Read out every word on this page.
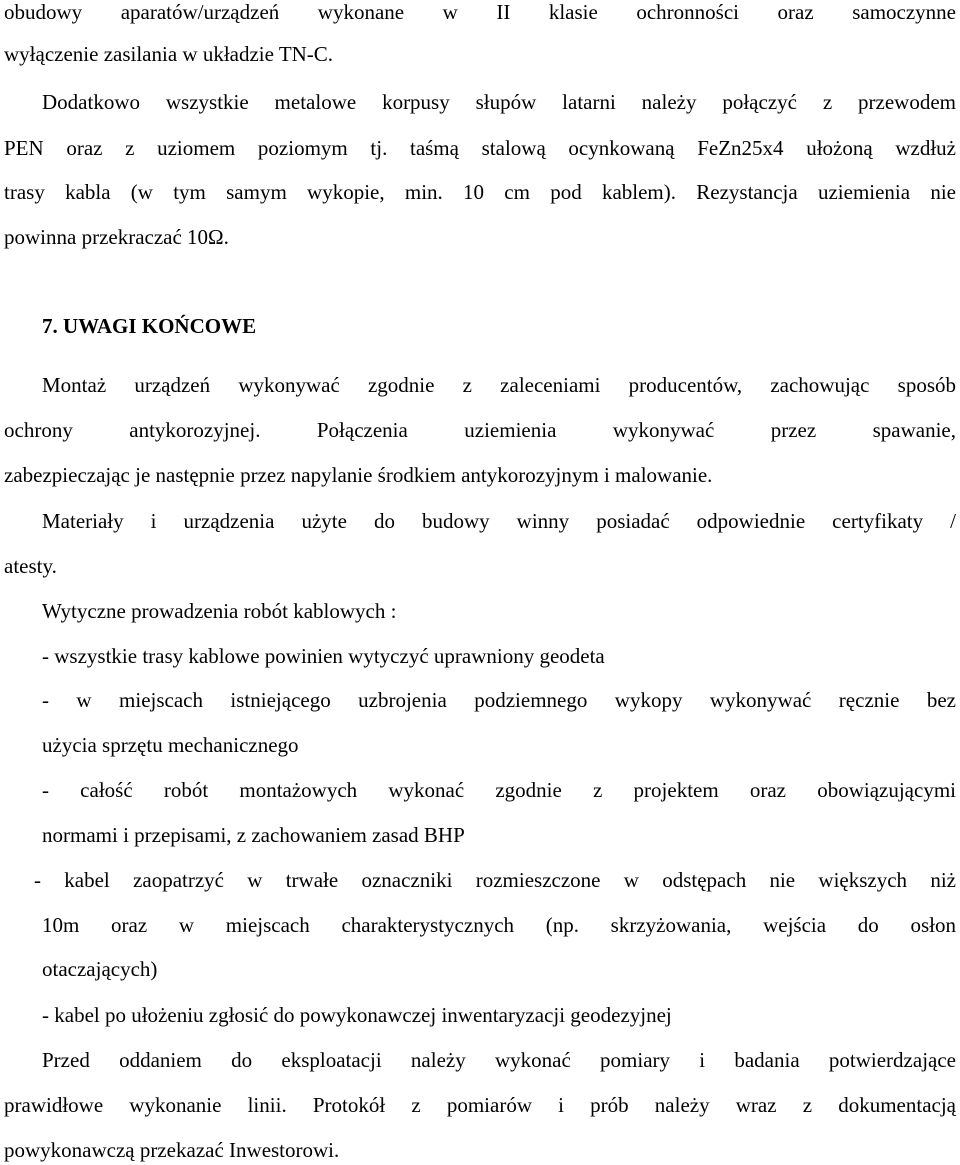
obudowy aparatów/urządzeń wykonane w II klasie ochronności oraz samoczynne
wyłączenie zasilania w układzie TN-C.
Dodatkowo wszystkie metalowe korpusy słupów latarni należy połączyć z przewodem
PEN oraz z uziomem poziomym tj. taśmą stalową ocynkowaną FeZn25x4 ułożoną wzdłuż
trasy kabla (w tym samym wykopie, min. 10 cm pod kablem). Rezystancja uziemienia nie
powinna przekraczać 10Ω.
7. UWAGI KOŃCOWE
Montaż urządzeń wykonywać zgodnie z zaleceniami producentów, zachowując sposób
ochrony antykorozyjnej. Połączenia uziemienia wykonywać przez spawanie,
zabezpieczając je następnie przez napylanie środkiem antykorozyjnym i malowanie.
Materiały i urządzenia użyte do budowy winny posiadać odpowiednie certyfikaty /
atesty.
Wytyczne prowadzenia robót kablowych :
- wszystkie trasy kablowe powinien wytyczyć uprawniony geodeta
- w miejscach istniejącego uzbrojenia podziemnego wykopy wykonywać ręcznie bez
użycia sprzętu mechanicznego
- całość robót montażowych wykonać zgodnie z projektem oraz obowiązującymi
normami i przepisami, z zachowaniem zasad BHP
- kabel zaopatrzyć w trwałe oznaczniki rozmieszczone w odstępach nie większych niż
10m oraz w miejscach charakterystycznych (np. skrzyżowania, wejścia do osłon
otaczających)
- kabel po ułożeniu zgłosić do powykonawczej inwentaryzacji geodezyjnej
Przed oddaniem do eksploatacji należy wykonać pomiary i badania potwierdzające
prawidłowe wykonanie linii. Protokół z pomiarów i prób należy wraz z dokumentacją
powykonawczą przekazać Inwestorowi.
